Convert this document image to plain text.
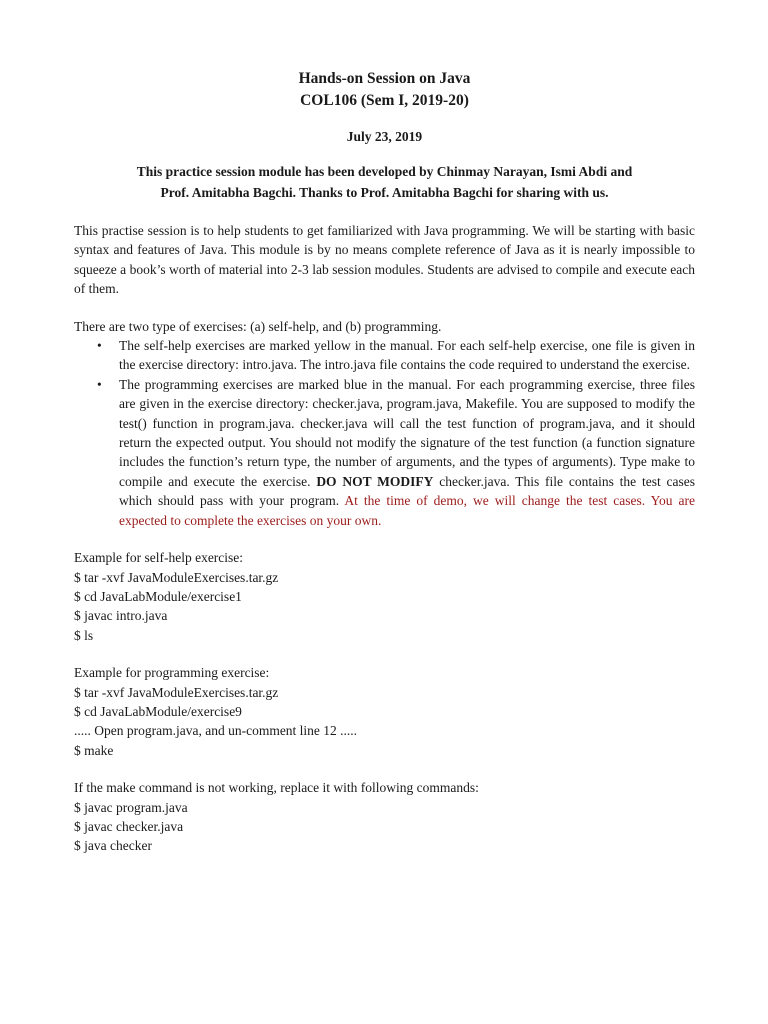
Hands-on Session on Java

COL106 (Sem I, 2019-20)

July 23, 2019

This practice session module has been developed by Chinmay Narayan, Ismi Abdi and
Prof. Amitabha Bagchi. Thanks to Prof. Amitabha Bagchi for sharing with us.

This practise session is to help students to get familiarized with Java programming. We will be starting with basic syntax and features of Java. This module is by no means complete reference of Java as it is nearly impossible to squeeze a book’s worth of material into 2-3 lab session modules. Students are advised to compile and execute each of them.

There are two type of exercises: (a) self-help, and (b) programming.

• The self-help exercises are marked yellow in the manual. For each self-help exercise, one file is given in the exercise directory: intro.java. The intro.java file contains the code required to understand the exercise.
• The programming exercises are marked blue in the manual. For each programming exercise, three files are given in the exercise directory: checker.java, program.java, Makefile. You are supposed to modify the test() function in program.java. checker.java will call the test function of program.java, and it should return the expected output. You should not modify the signature of the test function (a function signature includes the function’s return type, the number of arguments, and the types of arguments). Type make to compile and execute the exercise. DO NOT MODIFY checker.java. This file contains the test cases which should pass with your program. At the time of demo, we will change the test cases. You are expected to complete the exercises on your own.

Example for self-help exercise:

$ tar -xvf JavaModuleExercises.tar.gz

$ cd JavaLabModule/exercise1

$ javac intro.java

$ ls

Example for programming exercise:

$ tar -xvf JavaModuleExercises.tar.gz

$ cd JavaLabModule/exercise9

..... Open program.java, and un-comment line 12 .....

$ make

If the make command is not working, replace it with following commands:

$ javac program.java

$ javac checker.java

$ java checker
